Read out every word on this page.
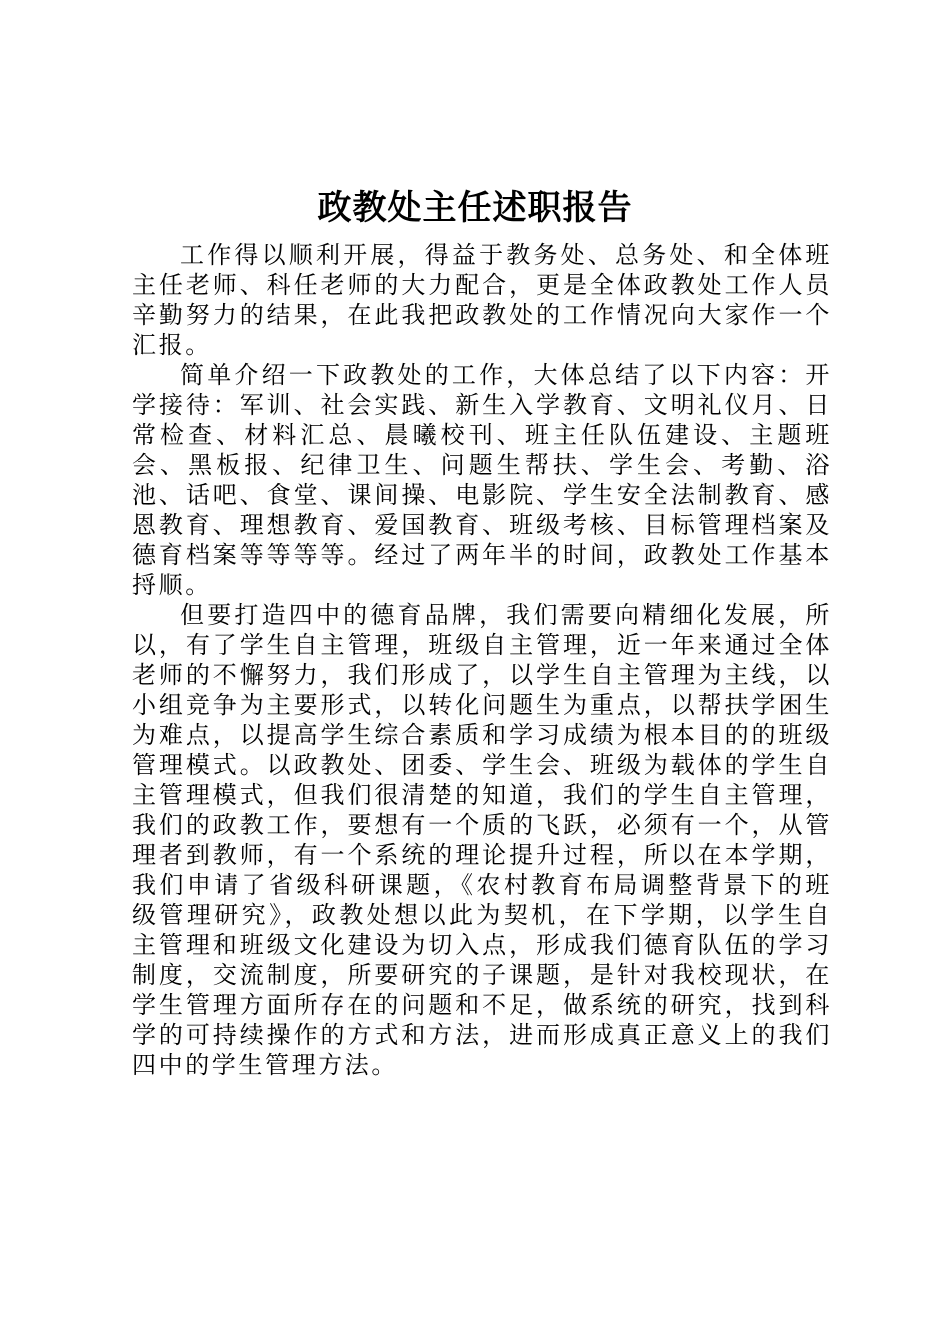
政教处主任述职报告

工作得以顺利开展，得益于教务处、总务处、和全体班主任老师、科任老师的大力配合，更是全体政教处工作人员辛勤努力的结果，在此我把政教处的工作情况向大家作一个汇报。

简单介绍一下政教处的工作，大体总结了以下内容：开学接待：军训、社会实践、新生入学教育、文明礼仪月、日常检查、材料汇总、晨曦校刊、班主任队伍建设、主题班会、黑板报、纪律卫生、问题生帮扶、学生会、考勤、浴池、话吧、食堂、课间操、电影院、学生安全法制教育、感恩教育、理想教育、爱国教育、班级考核、目标管理档案及德育档案等等等等。经过了两年半的时间，政教处工作基本捋顺。

但要打造四中的德育品牌，我们需要向精细化发展，所以，有了学生自主管理，班级自主管理，近一年来通过全体老师的不懈努力，我们形成了，以学生自主管理为主线，以小组竞争为主要形式，以转化问题生为重点，以帮扶学困生为难点，以提高学生综合素质和学习成绩为根本目的的班级管理模式。以政教处、团委、学生会、班级为载体的学生自主管理模式，但我们很清楚的知道，我们的学生自主管理，我们的政教工作，要想有一个质的飞跃，必须有一个，从管理者到教师，有一个系统的理论提升过程，所以在本学期，我们申请了省级科研课题，《农村教育布局调整背景下的班级管理研究》，政教处想以此为契机，在下学期，以学生自主管理和班级文化建设为切入点，形成我们德育队伍的学习制度，交流制度，所要研究的子课题，是针对我校现状，在学生管理方面所存在的问题和不足，做系统的研究，找到科学的可持续操作的方式和方法，进而形成真正意义上的我们四中的学生管理方法。
